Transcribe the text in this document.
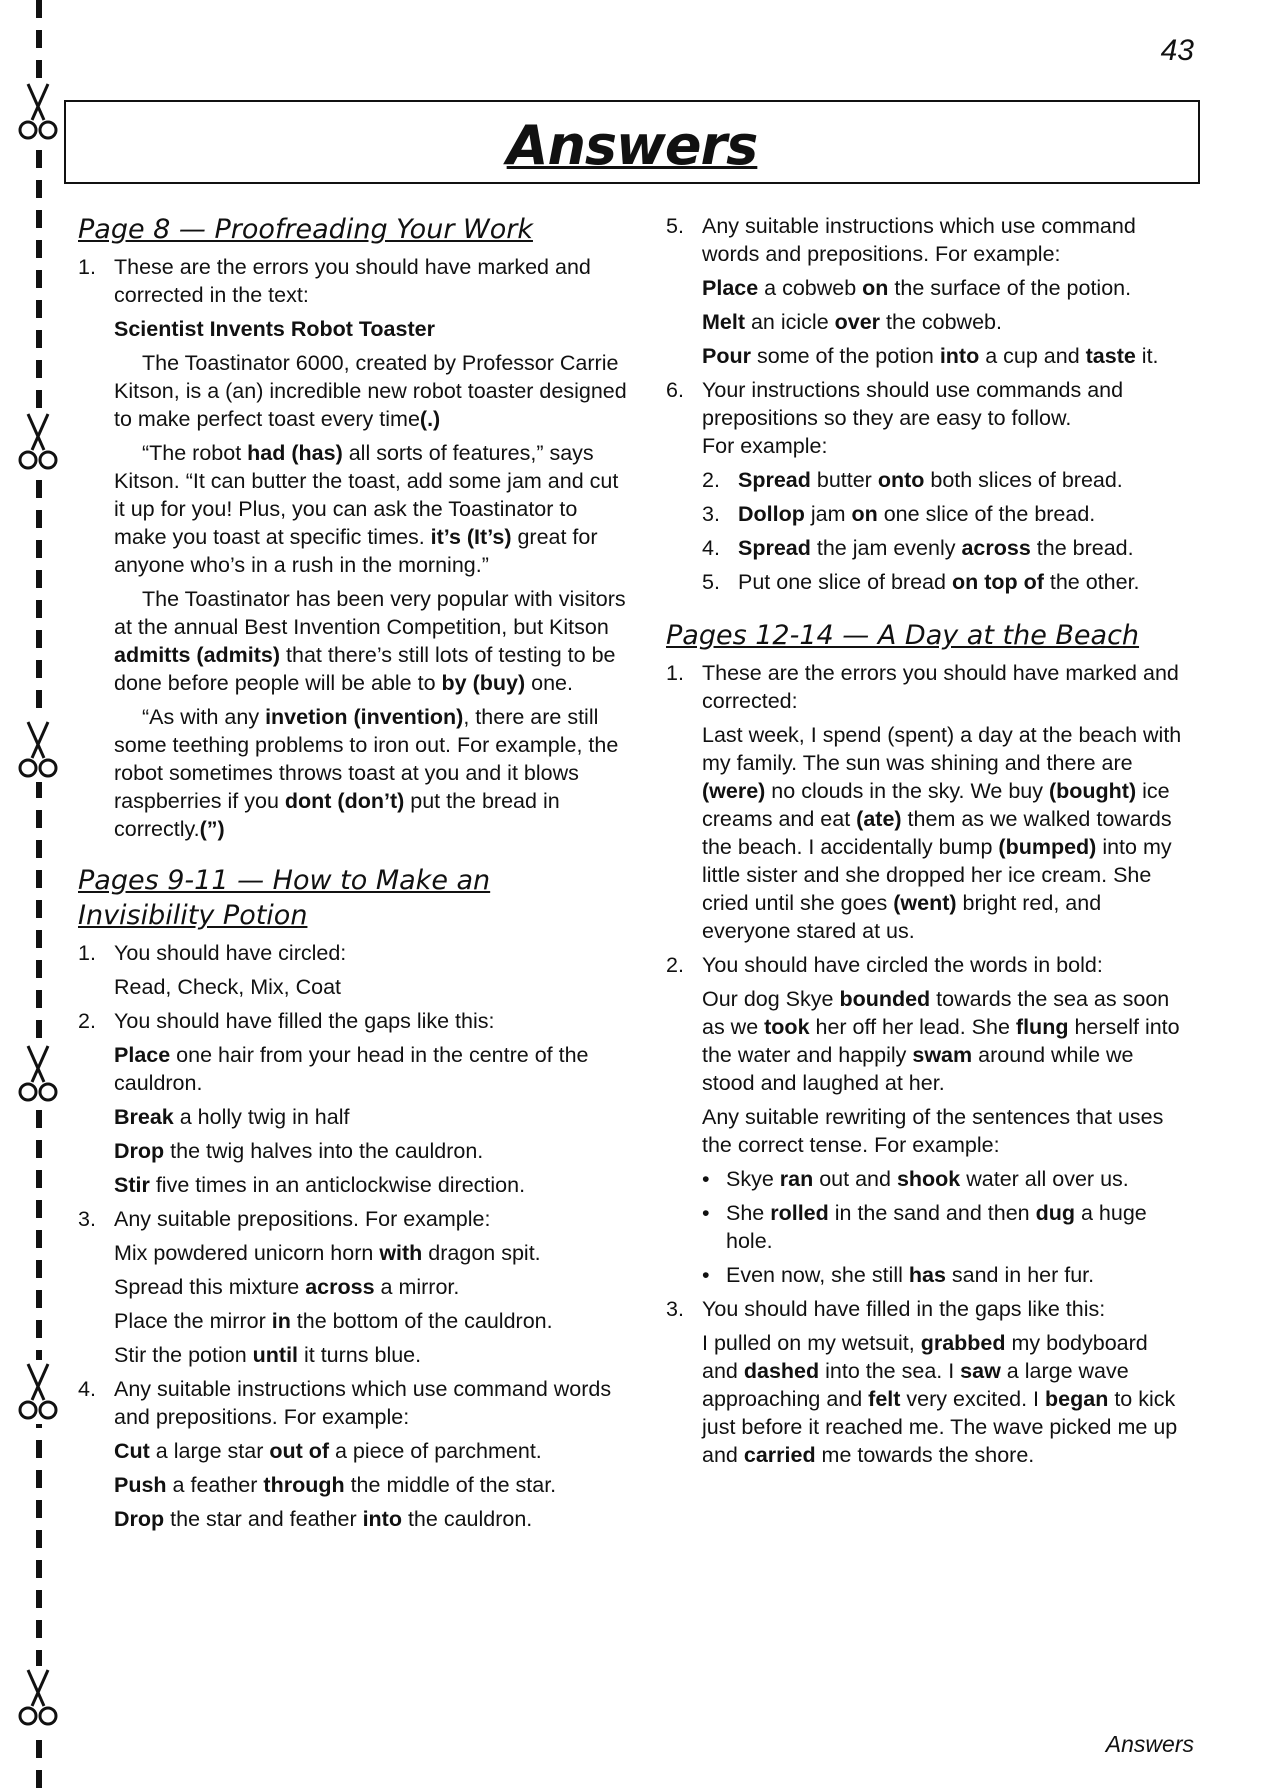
43
Answers
Page 8 — Proofreading Your Work
1. These are the errors you should have marked and corrected in the text:
Scientist Invents Robot Toaster
The Toastinator 6000, created by Professor Carrie Kitson, is a (an) incredible new robot toaster designed to make perfect toast every time(.)
“The robot had (has) all sorts of features,” says Kitson. “It can butter the toast, add some jam and cut it up for you! Plus, you can ask the Toastinator to make you toast at specific times. it’s (It’s) great for anyone who’s in a rush in the morning.”
The Toastinator has been very popular with visitors at the annual Best Invention Competition, but Kitson admitts (admits) that there’s still lots of testing to be done before people will be able to by (buy) one.
“As with any invetion (invention), there are still some teething problems to iron out. For example, the robot sometimes throws toast at you and it blows raspberries if you dont (don’t) put the bread in correctly.(”)
Pages 9-11 — How to Make an Invisibility Potion
1. You should have circled:
Read, Check, Mix, Coat
2. You should have filled the gaps like this:
Place one hair from your head in the centre of the cauldron.
Break a holly twig in half
Drop the twig halves into the cauldron.
Stir five times in an anticlockwise direction.
3. Any suitable prepositions. For example:
Mix powdered unicorn horn with dragon spit.
Spread this mixture across a mirror.
Place the mirror in the bottom of the cauldron.
Stir the potion until it turns blue.
4. Any suitable instructions which use command words and prepositions. For example:
Cut a large star out of a piece of parchment.
Push a feather through the middle of the star.
Drop the star and feather into the cauldron.
5. Any suitable instructions which use command words and prepositions. For example:
Place a cobweb on the surface of the potion.
Melt an icicle over the cobweb.
Pour some of the potion into a cup and taste it.
6. Your instructions should use commands and prepositions so they are easy to follow.
For example:
2. Spread butter onto both slices of bread.
3. Dollop jam on one slice of the bread.
4. Spread the jam evenly across the bread.
5. Put one slice of bread on top of the other.
Pages 12-14 — A Day at the Beach
1. These are the errors you should have marked and corrected:
Last week, I spend (spent) a day at the beach with my family. The sun was shining and there are (were) no clouds in the sky. We buy (bought) ice creams and eat (ate) them as we walked towards the beach. I accidentally bump (bumped) into my little sister and she dropped her ice cream. She cried until she goes (went) bright red, and everyone stared at us.
2. You should have circled the words in bold:
Our dog Skye bounded towards the sea as soon as we took her off her lead. She flung herself into the water and happily swam around while we stood and laughed at her.
Any suitable rewriting of the sentences that uses the correct tense. For example:
• Skye ran out and shook water all over us.
• She rolled in the sand and then dug a huge hole.
• Even now, she still has sand in her fur.
3. You should have filled in the gaps like this:
I pulled on my wetsuit, grabbed my bodyboard and dashed into the sea. I saw a large wave approaching and felt very excited. I began to kick just before it reached me. The wave picked me up and carried me towards the shore.
Answers
